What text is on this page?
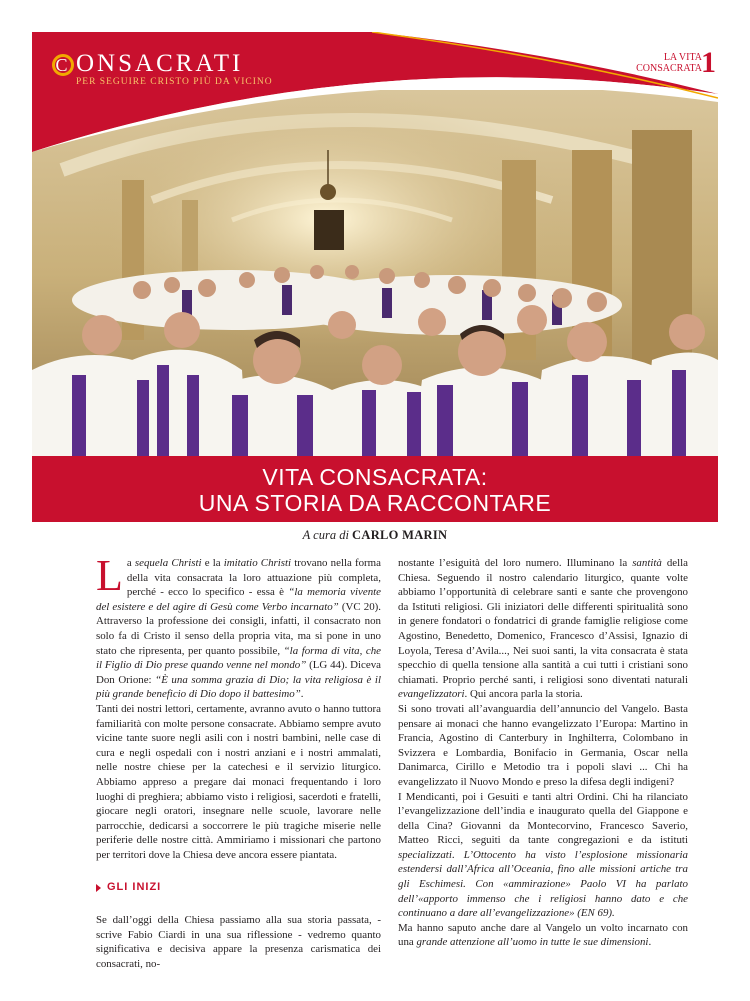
C ONSACRATI
PER SEGUIRE CRISTO PIÙ DA VICINO
LA VITA
CONSACRATA 1
VITA CONSACRATA:
UNA STORIA DA RACCONTARE
A cura di CARLO MARIN

L a sequela Christi e la imitatio Christi trovano nella forma della vita consacrata la loro attuazione più completa, perché - ecco lo specifico - essa è “la memoria vivente del esistere e del agire di Gesù come Verbo incarnato” (VC 20). Attraverso la professione dei consigli, infatti, il consacrato non solo fa di Cristo il senso della propria vita, ma si pone in uno stato che ripresenta, per quanto possibile, “la forma di vita, che il Figlio di Dio prese quando venne nel mondo” (LG 44). Diceva Don Orione: “È una somma grazia di Dio; la vita religiosa è il più grande beneficio di Dio dopo il battesimo”.

Tanti dei nostri lettori, certamente, avranno avuto o hanno tuttora familiarità con molte persone consacrate. Abbiamo sempre avuto vicine tante suore negli asili con i nostri bambini, nelle case di cura e negli ospedali con i nostri anziani e i nostri ammalati, nelle nostre chiese per la catechesi e il servizio liturgico. Abbiamo appreso a pregare dai monaci frequentando i loro luoghi di preghiera; abbiamo visto i religiosi, sacerdoti e fratelli, giocare negli oratori, insegnare nelle scuole, lavorare nelle parrocchie, dedicarsi a soccorrere le più tragiche miserie nelle periferie delle nostre città. Ammiriamo i missionari che partono per territori dove la Chiesa deve ancora essere piantata.

GLI INIZI

Se dall’oggi della Chiesa passiamo alla sua storia passata, - scrive Fabio Ciardi in una sua riflessione - vedremo quanto significativa e decisiva appare la presenza carismatica dei consacrati, no-

nostante l’esiguità del loro numero. Illuminano la santità della Chiesa. Seguendo il nostro calendario liturgico, quante volte abbiamo l’opportunità di celebrare santi e sante che provengono da Istituti religiosi. Gli iniziatori delle differenti spiritualità sono in genere fondatori o fondatrici di grande famiglie religiose come Agostino, Benedetto, Domenico, Francesco d’Assisi, Ignazio di Loyola, Teresa d’Avila..., Nei suoi santi, la vita consacrata è stata specchio di quella tensione alla santità a cui tutti i cristiani sono chiamati. Proprio perché santi, i religiosi sono diventati naturali evangelizzatori. Qui ancora parla la storia.

Si sono trovati all’avanguardia dell’annuncio del Vangelo. Basta pensare ai monaci che hanno evangelizzato l’Europa: Martino in Francia, Agostino di Canterbury in Inghilterra, Colombano in Svizzera e Lombardia, Bonifacio in Germania, Oscar nella Danimarca, Cirillo e Metodio tra i popoli slavi ... Chi ha evangelizzato il Nuovo Mondo e preso la difesa degli indigeni?

I Mendicanti, poi i Gesuiti e tanti altri Ordini. Chi ha rilanciato l’evangelizzazione dell’india e inaugurato quella del Giappone e della Cina? Giovanni da Montecorvino, Francesco Saverio, Matteo Ricci, seguiti da tante congregazioni e da istituti specializzati. L’Ottocento ha visto l’esplosione missionaria estendersi dall’Africa all’Oceania, fino alle missioni artiche tra gli Eschimesi. Con «ammirazione» Paolo VI ha parlato dell’«apporto immenso che i religiosi hanno dato e che continuano a dare all’evangelizzazione» (EN 69).

Ma hanno saputo anche dare al Vangelo un volto incarnato con una grande attenzione all’uomo in tutte le sue dimensioni.
